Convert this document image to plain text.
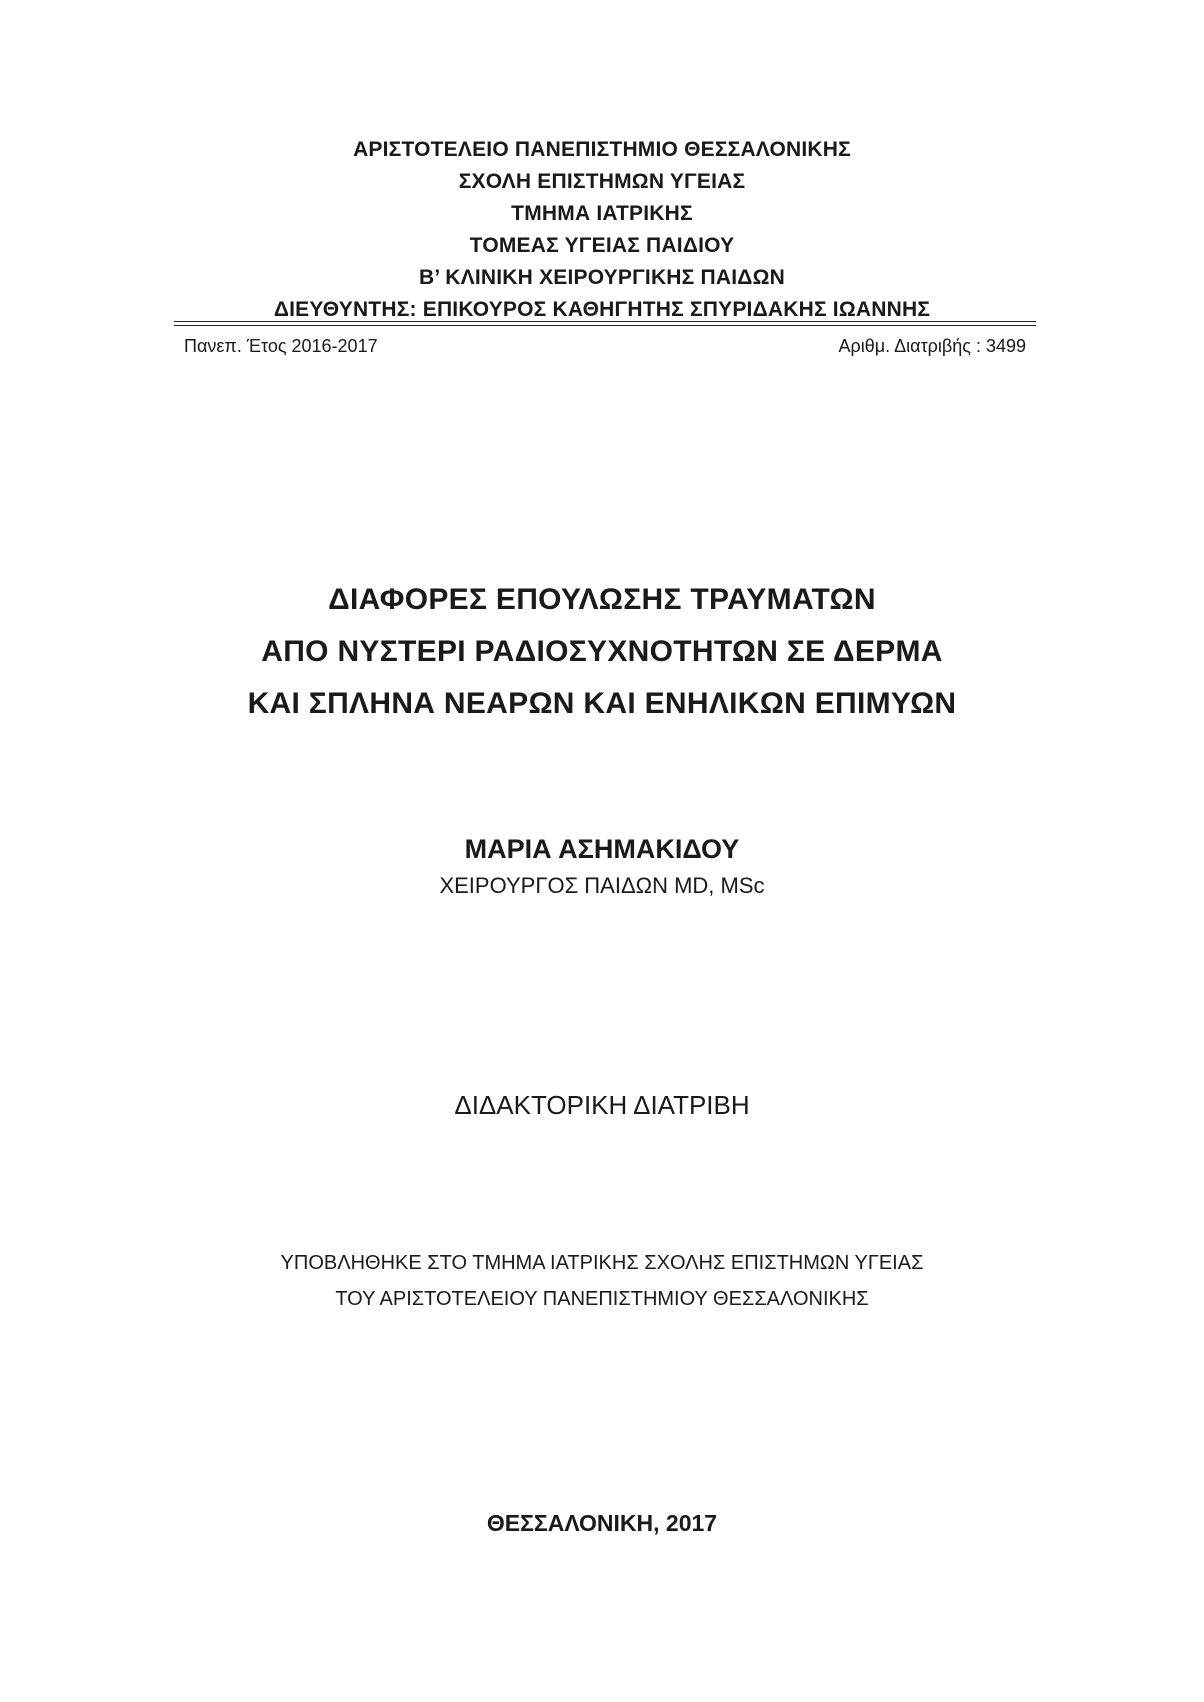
ΑΡΙΣΤΟΤΕΛΕΙΟ ΠΑΝΕΠΙΣΤΗΜΙΟ ΘΕΣΣΑΛΟΝΙΚΗΣ
ΣΧΟΛΗ ΕΠΙΣΤΗΜΩΝ ΥΓΕΙΑΣ
ΤΜΗΜΑ ΙΑΤΡΙΚΗΣ
ΤΟΜΕΑΣ ΥΓΕΙΑΣ ΠΑΙΔΙΟΥ
Β’ ΚΛΙΝΙΚΗ ΧΕΙΡΟΥΡΓΙΚΗΣ ΠΑΙΔΩΝ
ΔΙΕΥΘΥΝΤΗΣ: ΕΠΙΚΟΥΡΟΣ ΚΑΘΗΓΗΤΗΣ ΣΠΥΡΙΔΑΚΗΣ ΙΩΑΝΝΗΣ
Πανεπ. Έτος 2016-2017	Αριθμ. Διατριβής : 3499
ΔΙΑΦΟΡΕΣ ΕΠΟΥΛΩΣΗΣ ΤΡΑΥΜΑΤΩΝ
ΑΠΟ ΝΥΣΤΕΡΙ ΡΑΔΙΟΣΥΧΝΟΤΗΤΩΝ ΣΕ ΔΕΡΜΑ
ΚΑΙ ΣΠΛΗΝΑ ΝΕΑΡΩΝ ΚΑΙ ΕΝΗΛΙΚΩΝ ΕΠΙΜΥΩΝ
ΜΑΡΙΑ ΑΣΗΜΑΚΙΔΟΥ
ΧΕΙΡΟΥΡΓΟΣ ΠΑΙΔΩΝ MD, MSc
ΔΙΔΑΚΤΟΡΙΚΗ ΔΙΑΤΡΙΒΗ
ΥΠΟΒΛΗΘΗΚΕ ΣΤΟ ΤΜΗΜΑ ΙΑΤΡΙΚΗΣ ΣΧΟΛΗΣ ΕΠΙΣΤΗΜΩΝ ΥΓΕΙΑΣ
ΤΟΥ ΑΡΙΣΤΟΤΕΛΕΙΟΥ ΠΑΝΕΠΙΣΤΗΜΙΟΥ ΘΕΣΣΑΛΟΝΙΚΗΣ
ΘΕΣΣΑΛΟΝΙΚΗ, 2017
